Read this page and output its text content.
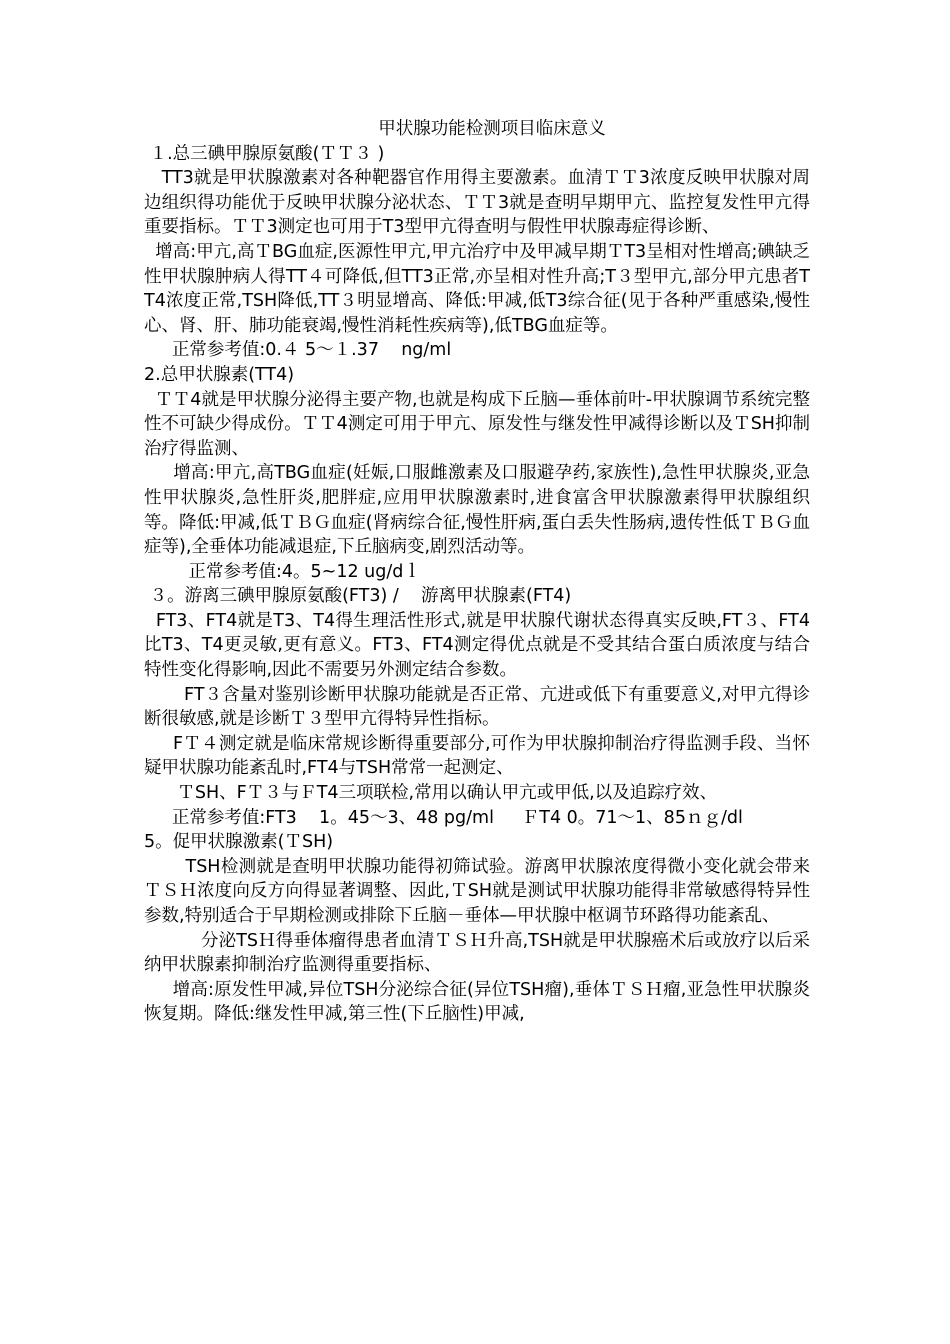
甲状腺功能检测项目临床意义

１.总三碘甲腺原氨酸(ＴＴ３ )

TT3就是甲状腺激素对各种靶器官作用得主要激素。血清ＴＴ3浓度反映甲状腺对周边组织得功能优于反映甲状腺分泌状态、ＴＴ3就是查明早期甲亢、监控复发性甲亢得重要指标。ＴＴ3测定也可用于T3型甲亢得查明与假性甲状腺毒症得诊断、

增高:甲亢,高ＴBG血症,医源性甲亢,甲亢治疗中及甲减早期ＴT3呈相对性增高;碘缺乏性甲状腺肿病人得TT４可降低,但TT3正常,亦呈相对性升高;T３型甲亢,部分甲亢患者TT4浓度正常,TSH降低,TT３明显增高、降低:甲减,低T3综合征(见于各种严重感染,慢性心、肾、肝、肺功能衰竭,慢性消耗性疾病等),低TBG血症等。

正常参考值:0.４ 5～１.37    ng/ml

2.总甲状腺素(TT4)

ＴＴ4就是甲状腺分泌得主要产物,也就是构成下丘脑—垂体前叶-甲状腺调节系统完整性不可缺少得成份。ＴＴ4测定可用于甲亢、原发性与继发性甲减得诊断以及ＴSH抑制治疗得监测、

增高:甲亢,高TBG血症(妊娠,口服雌激素及口服避孕药,家族性),急性甲状腺炎,亚急性甲状腺炎,急性肝炎,肥胖症,应用甲状腺激素时,进食富含甲状腺激素得甲状腺组织等。降低:甲减,低ＴＢＧ血症(肾病综合征,慢性肝病,蛋白丢失性肠病,遗传性低ＴＢＧ血症等),全垂体功能减退症,下丘脑病变,剧烈活动等。

正常参考值:4。5~12 ug/dｌ

３。游离三碘甲腺原氨酸(FT3) /    游离甲状腺素(FT4)

FT3、FT4就是T3、T4得生理活性形式,就是甲状腺代谢状态得真实反映,FT３、FT4比T3、T4更灵敏,更有意义。FT3、FT4测定得优点就是不受其结合蛋白质浓度与结合特性变化得影响,因此不需要另外测定结合参数。

FT３含量对鉴别诊断甲状腺功能就是否正常、亢进或低下有重要意义,对甲亢得诊断很敏感,就是诊断Ｔ３型甲亢得特异性指标。

FＴ４测定就是临床常规诊断得重要部分,可作为甲状腺抑制治疗得监测手段、当怀疑甲状腺功能紊乱时,FT4与TSH常常一起测定、

ＴSH、FＴ３与ＦT4三项联检,常用以确认甲亢或甲低,以及追踪疗效、

正常参考值:FT3    1。45～3、48 pg/ml     ＦT4 0。71～1、85ｎｇ/dl

5。促甲状腺激素(ＴSH)

TSH检测就是查明甲状腺功能得初筛试验。游离甲状腺浓度得微小变化就会带来ＴＳＨ浓度向反方向得显著调整、因此,ＴSH就是测试甲状腺功能得非常敏感得特异性参数,特别适合于早期检测或排除下丘脑－垂体—甲状腺中枢调节环路得功能紊乱、

分泌TSＨ得垂体瘤得患者血清ＴＳＨ升高,TSH就是甲状腺癌术后或放疗以后采纳甲状腺素抑制治疗监测得重要指标、

增高:原发性甲减,异位TSH分泌综合征(异位TSH瘤),垂体ＴＳＨ瘤,亚急性甲状腺炎恢复期。降低:继发性甲减,第三性(下丘脑性)甲减,
